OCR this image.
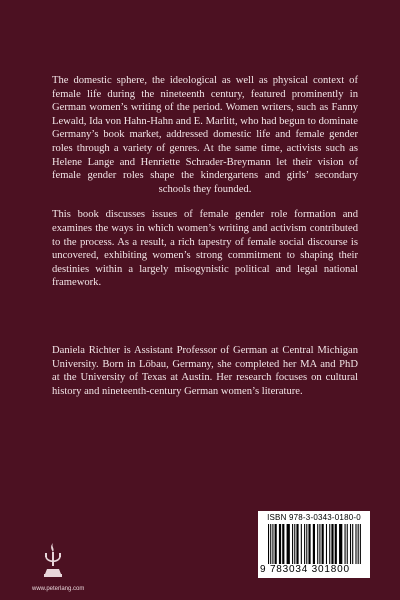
The domestic sphere, the ideological as well as physical context of female life during the nineteenth century, featured prominently in German women’s writing of the period. Women writers, such as Fanny Lewald, Ida von Hahn-Hahn and E. Marlitt, who had begun to dominate Germany’s book market, addressed domestic life and female gender roles through a variety of genres. At the same time, activists such as Helene Lange and Henriette Schrader-Breymann let their vision of female gender roles shape the kindergartens and girls’ secondary schools they founded.

This book discusses issues of female gender role formation and examines the ways in which women’s writing and activism contributed to the process. As a result, a rich tapestry of female social discourse is uncovered, exhibiting women’s strong commitment to shaping their destinies within a largely misogynistic political and legal national framework.

Daniela Richter is Assistant Professor of German at Central Michigan University. Born in Löbau, Germany, she completed her MA and PhD at the University of Texas at Austin. Her research focuses on cultural history and nineteenth-century German women’s literature.
ISBN 978-3-0343-0180-0
9 783034 301800
www.peterlang.com
